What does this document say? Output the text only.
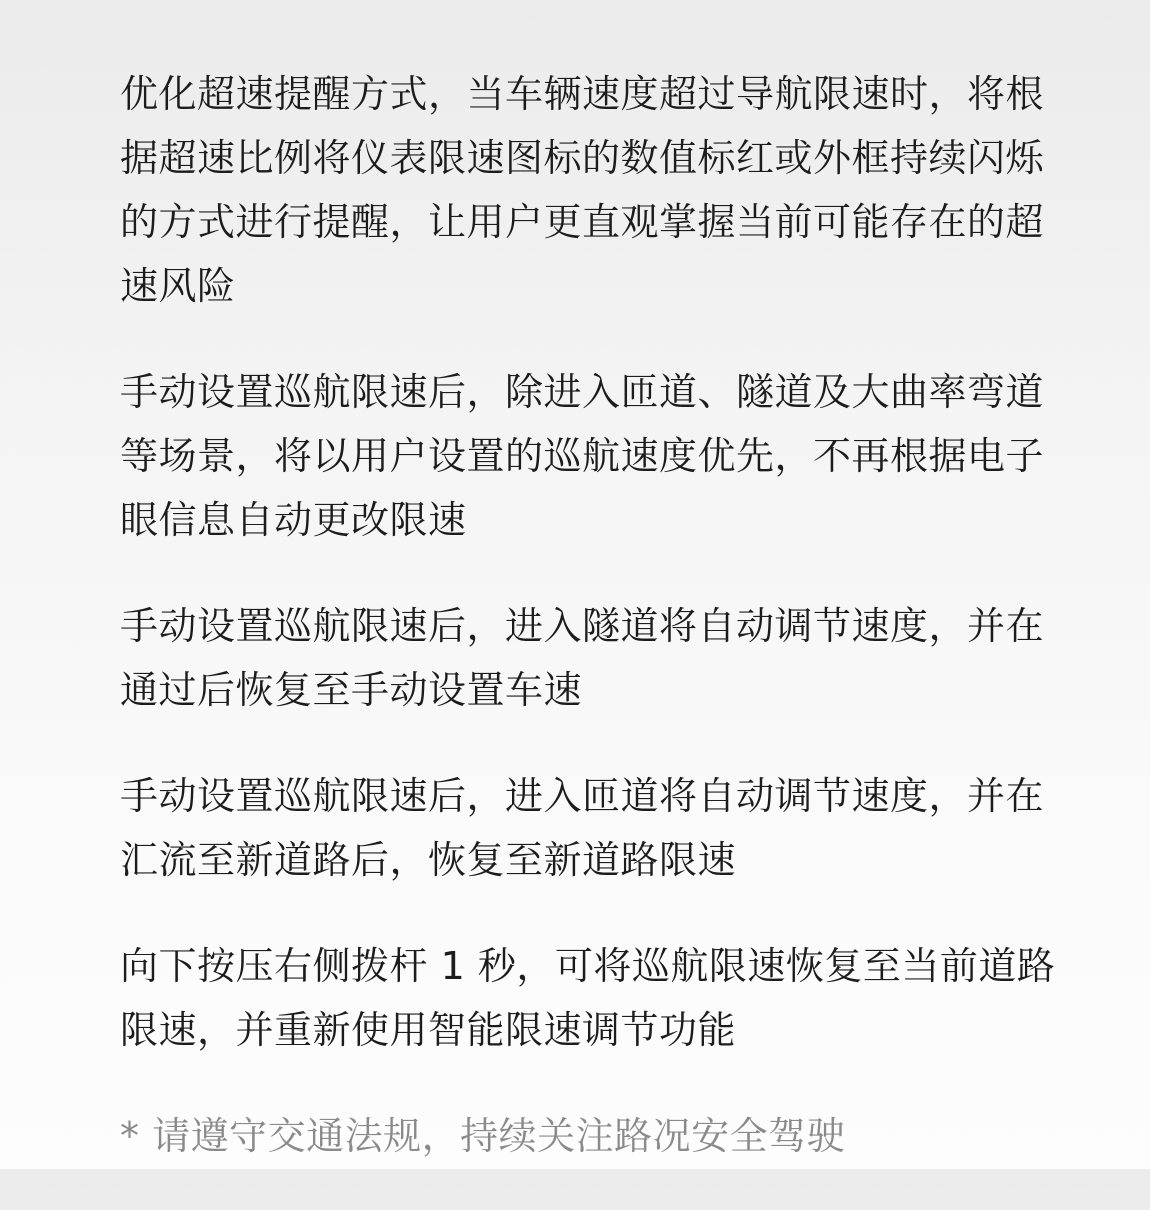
优化超速提醒方式，当车辆速度超过导航限速时，将根据超速比例将仪表限速图标的数值标红或外框持续闪烁的方式进行提醒，让用户更直观掌握当前可能存在的超速风险

手动设置巡航限速后，除进入匝道、隧道及大曲率弯道等场景，将以用户设置的巡航速度优先，不再根据电子眼信息自动更改限速

手动设置巡航限速后，进入隧道将自动调节速度，并在通过后恢复至手动设置车速

手动设置巡航限速后，进入匝道将自动调节速度，并在汇流至新道路后，恢复至新道路限速

向下按压右侧拨杆 1 秒，可将巡航限速恢复至当前道路限速，并重新使用智能限速调节功能

* 请遵守交通法规，持续关注路况安全驾驶
